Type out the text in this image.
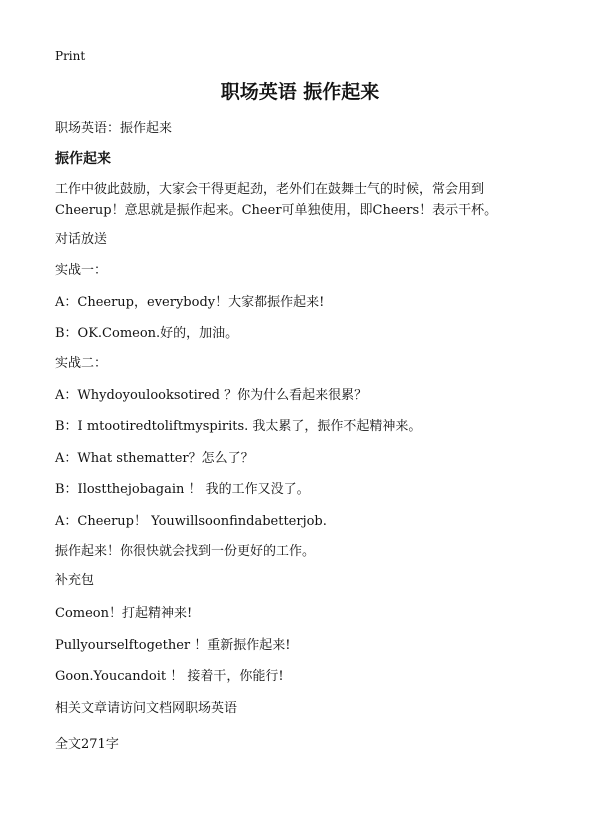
Print
职场英语 振作起来
职场英语：振作起来
振作起来
工作中彼此鼓励，大家会干得更起劲，老外们在鼓舞士气的时候，常会用到
Cheerup！意思就是振作起来。Cheer可单独使用，即Cheers！表示干杯。
对话放送
实战一：
A：Cheerup，everybody！大家都振作起来!
B：OK.Comeon.好的，加油。
实战二：
A：Whydoyoulooksotired ？你为什么看起来很累？
B：I mtootiredtoliftmyspirits. 我太累了，振作不起精神来。
A：What sthematter？怎么了？
B：Ilostthejobagain ！ 我的工作又没了。
A：Cheerup！ Youwillsoonfindabetterjob.
振作起来！你很快就会找到一份更好的工作。
补充包
Comeon！打起精神来!
Pullyourselftogether ！重新振作起来!
Goon.Youcandoit ！ 接着干，你能行!
相关文章请访问文档网职场英语
全文271字
